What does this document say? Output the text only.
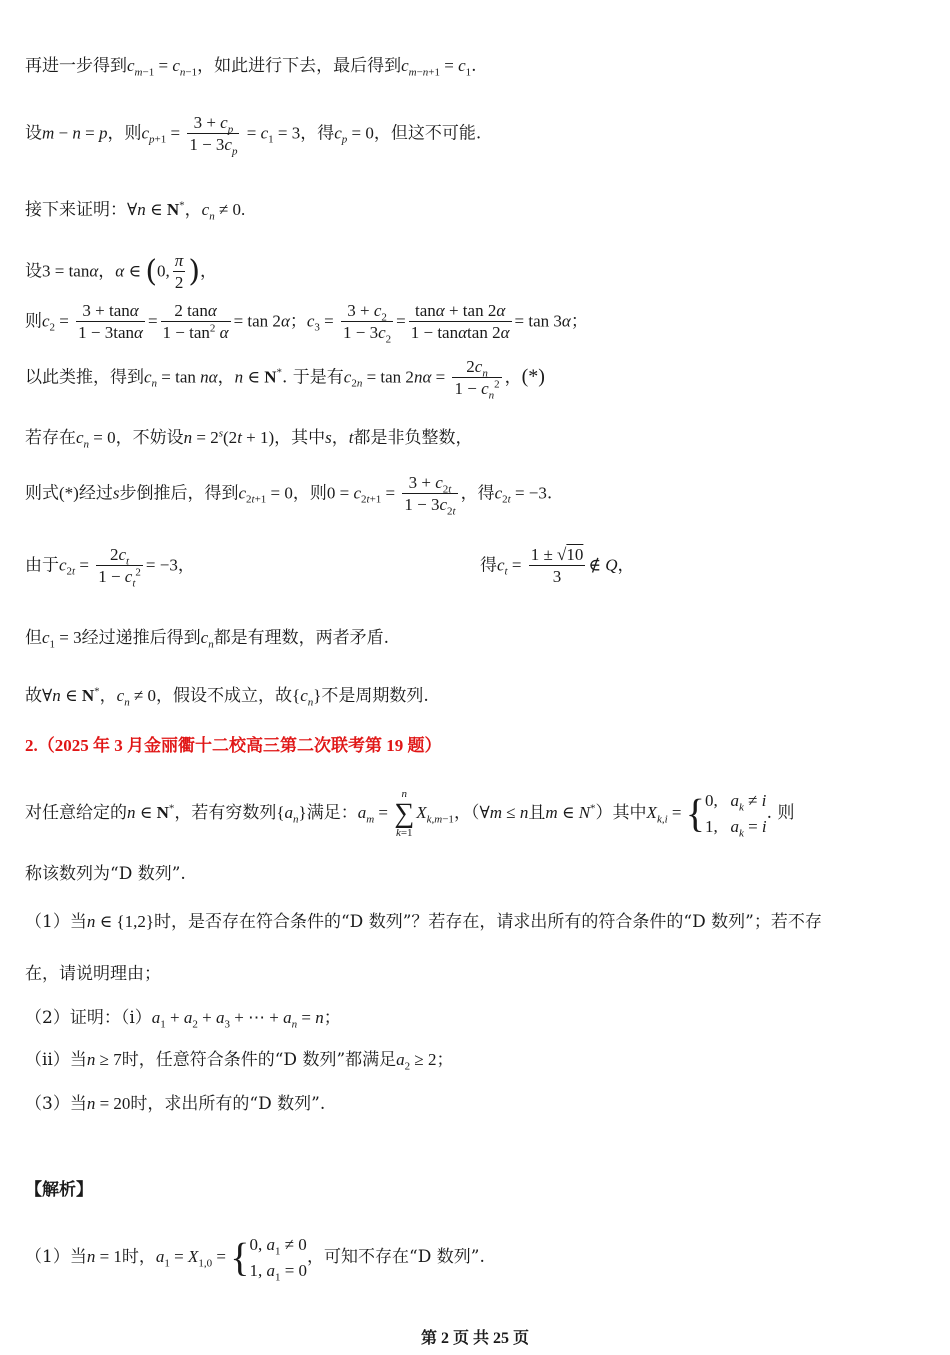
再进一步得到$c_{m-1} = c_{n-1}$，如此进行下去，最后得到$c_{m-n+1} = c_1$.
设m − n = p，则$c_{p+1} = \frac{3 + c_p}{1 - 3c_p} = c_1 = 3$，得$c_p = 0$，但这不可能.
接下来证明：∀n ∈ N*，$c_n \ne 0$.
设3 = tanα，α ∈ (0, $\frac{\pi}{2}$ )，
则$c_2 = \frac{3 + \tan\alpha}{1 - 3\tan\alpha} = \frac{2 \tan\alpha}{1 - \tan^2 \alpha} = \tan 2\alpha$；$c_3 = \frac{3 + c_2}{1 - 3c_2} = \frac{\tan\alpha + \tan 2\alpha}{1 - \tan\alpha\tan 2\alpha} = \tan 3\alpha$；
以此类推，得到$c_n = \tan n\alpha$，n ∈ N*. 于是有$c_{2n} = \tan 2n\alpha = \frac{2c_n}{1 - c_n^2}$ ，(*)
若存在$c_n = 0$，不妨设$n = 2^s(2t + 1)$，其中s，t都是非负整数，
则式(*)经过s步倒推后，得到$c_{2t+1} = 0$，则$0 = c_{2t+1} = \frac{3 + c_{2t}}{1 - 3c_{2t}}$ ，得$c_{2t} = -3$.
由于$c_{2t} = \frac{2c_t}{1 - c_t^2} = -3$，	得$c_t = \frac{1 \pm √10}{3}$ ∉ Q，
但$c_1 = 3$经过递推后得到$c_n$都是有理数，两者矛盾.
故∀n ∈ N*，$c_n \ne 0$，假设不成立，故$\{c_n\}$不是周期数列.
2.（2025 年 3 月金丽衢十二校高三第二次联考第 19 题）
对任意给定的n ∈ N*，若有穷数列$\{a_n\}$满足：$a_m$ =
n
∑
k=1
$X_{k,m-1}$，（∀m ≤ n且m ∈ N*）其中$X_{k,i}$ = { 0,   $a_k \ne i$
1,   $a_k = i$
. 则
称该数列为“D 数列”.
（1）当n ∈ {1,2}时，是否存在符合条件的“D 数列”？若存在，请求出所有的符合条件的“D 数列”；若不存
在，请说明理由；
（2）证明：$(i)a_1 + a_2 + a_3$ + ⋯ + $a_n = n$；
（ii）当n ≥ 7时，任意符合条件的“D 数列”都满足$a_2 \ge 2$；
（3）当n = 20时，求出所有的“D 数列”.
【解析】
（1）当n = 1时，$a_1 = X_{1,0}$ = { 0, $a_1 \ne 0$
1, $a_1 = 0$
，可知不存在“D 数列”.
第 2 页 共 25 页
